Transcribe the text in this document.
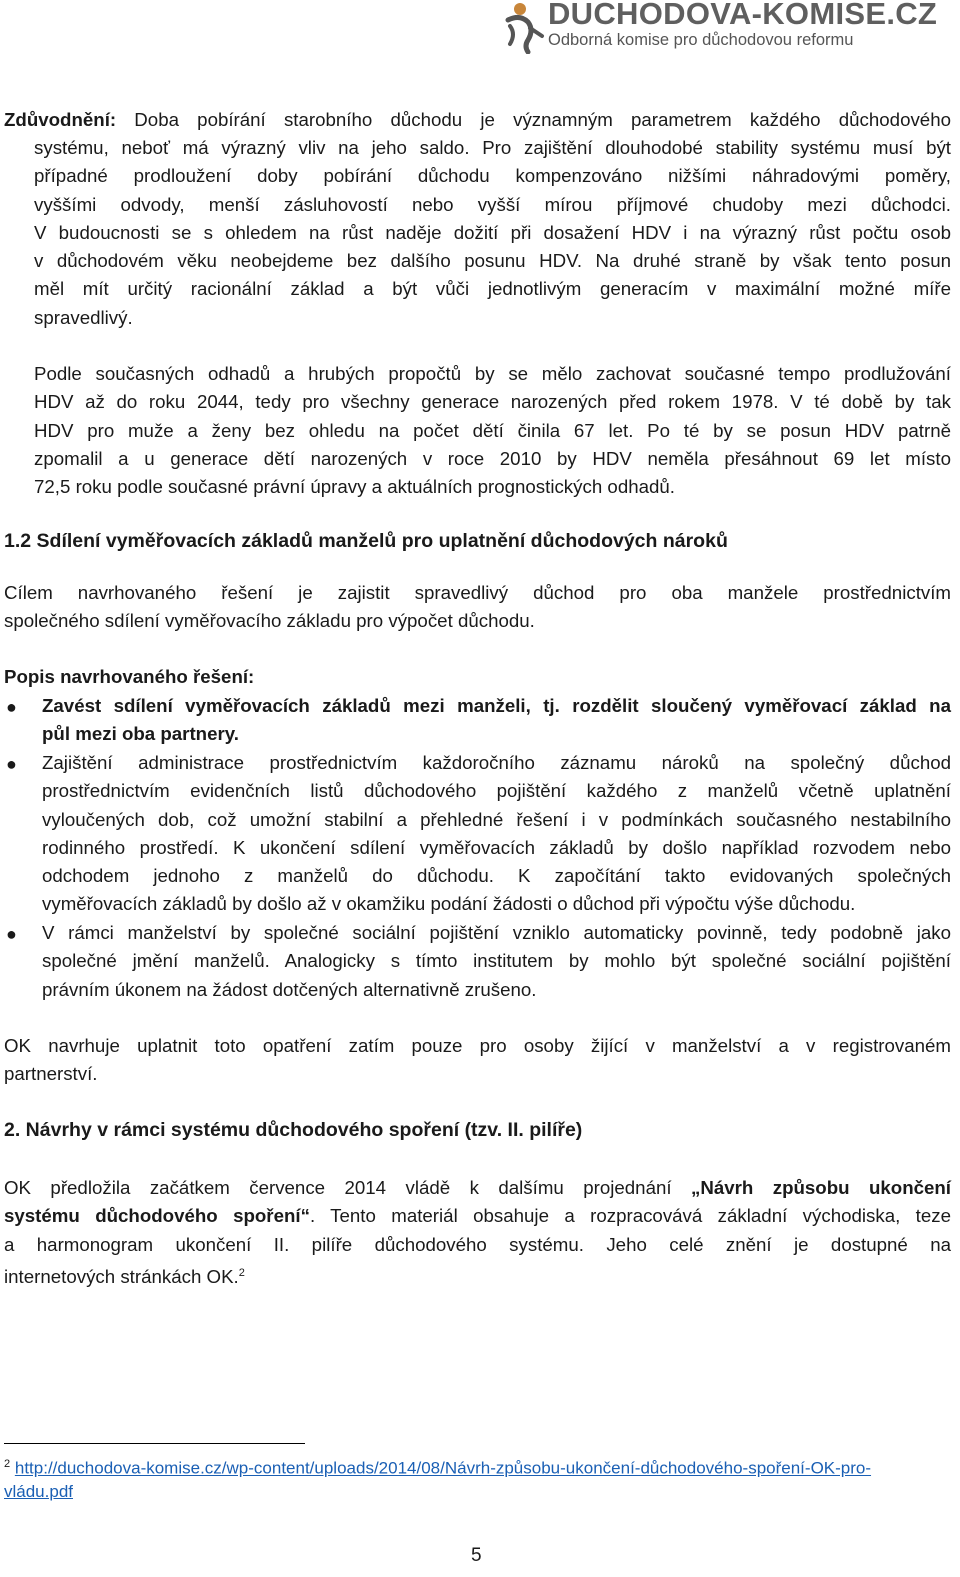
DUCHODOVA-KOMISE.CZ
Odborná komise pro důchodovou reformu
Zdůvodnění: Doba pobírání starobního důchodu je významným parametrem každého důchodového
systému, neboť má výrazný vliv na jeho saldo. Pro zajištění dlouhodobé stability systému musí být
případné prodloužení doby pobírání důchodu kompenzováno nižšími náhradovými poměry,
vyššími odvody, menší zásluhovostí nebo vyšší mírou příjmové chudoby mezi důchodci.
V budoucnosti se s ohledem na růst naděje dožití při dosažení HDV i na výrazný růst počtu osob
v důchodovém věku neobejdeme bez dalšího posunu HDV. Na druhé straně by však tento posun
měl mít určitý racionální základ a být vůči jednotlivým generacím v maximální možné míře
spravedlivý.
Podle současných odhadů a hrubých propočtů by se mělo zachovat současné tempo prodlužování
HDV až do roku 2044, tedy pro všechny generace narozených před rokem 1978. V té době by tak
HDV pro muže a ženy bez ohledu na počet dětí činila 67 let. Po té by se posun HDV patrně
zpomalil a u generace dětí narozených v roce 2010 by HDV neměla přesáhnout 69 let místo
72,5 roku podle současné právní úpravy a aktuálních prognostických odhadů.
1.2 Sdílení vyměřovacích základů manželů pro uplatnění důchodových nároků
Cílem navrhovaného řešení je zajistit spravedlivý důchod pro oba manžele prostřednictvím
společného sdílení vyměřovacího základu pro výpočet důchodu.
Popis navrhovaného řešení:
● Zavést sdílení vyměřovacích základů mezi manželi, tj. rozdělit sloučený vyměřovací základ na
půl mezi oba partnery.
● Zajištění administrace prostřednictvím každoročního záznamu nároků na společný důchod
prostřednictvím evidenčních listů důchodového pojištění každého z manželů včetně uplatnění
vyloučených dob, což umožní stabilní a přehledné řešení i v podmínkách současného nestabilního
rodinného prostředí. K ukončení sdílení vyměřovacích základů by došlo například rozvodem nebo
odchodem jednoho z manželů do důchodu. K započítání takto evidovaných společných
vyměřovacích základů by došlo až v okamžiku podání žádosti o důchod při výpočtu výše důchodu.
● V rámci manželství by společné sociální pojištění vzniklo automaticky povinně, tedy podobně jako
společné jmění manželů. Analogicky s tímto institutem by mohlo být společné sociální pojištění
právním úkonem na žádost dotčených alternativně zrušeno.
OK navrhuje uplatnit toto opatření zatím pouze pro osoby žijící v manželství a v registrovaném
partnerství.
2. Návrhy v rámci systému důchodového spoření (tzv. II. pilíře)
OK předložila začátkem července 2014 vládě k dalšímu projednání „Návrh způsobu ukončení
systému důchodového spoření“. Tento materiál obsahuje a rozpracovává základní východiska, teze
a harmonogram ukončení II. pilíře důchodového systému. Jeho celé znění je dostupné na
internetových stránkách OK.$^2$
$^2$ http://duchodova-komise.cz/wp-content/uploads/2014/08/Návrh-způsobu-ukončení-důchodového-spoření-OK-pro-
vládu.pdf
5
